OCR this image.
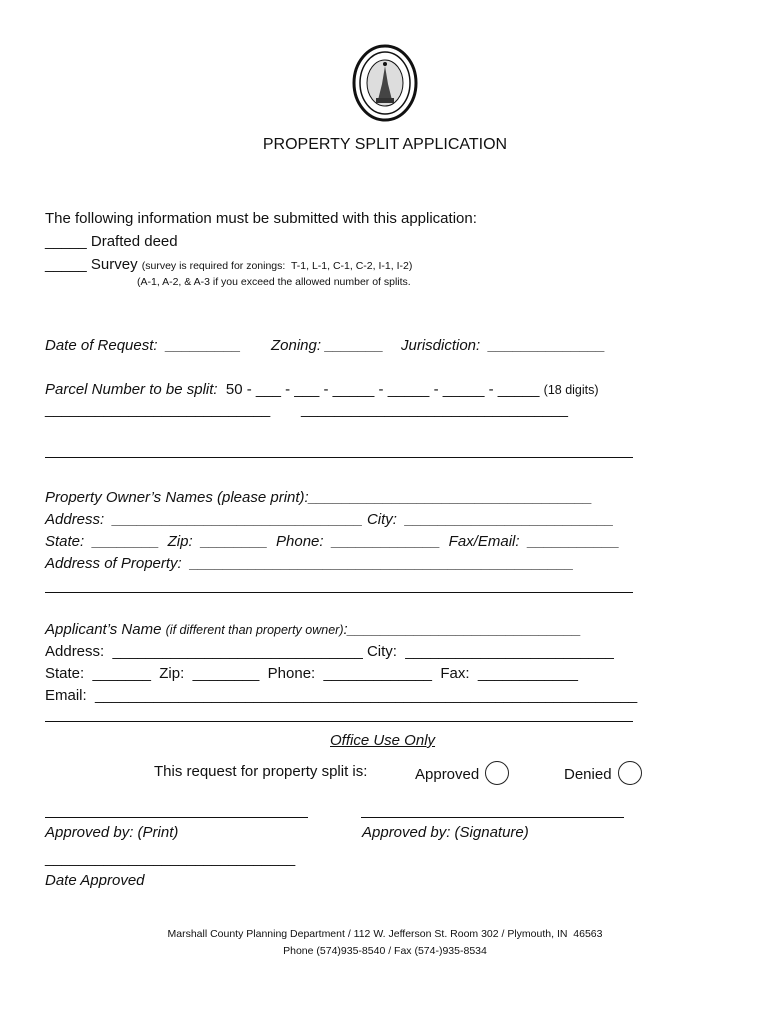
PROPERTY SPLIT APPLICATION
The following information must be submitted with this application:
_____ Drafted deed
_____ Survey (survey is required for zonings:  T-1, L-1, C-1, C-2, I-1, I-2)
(A-1, A-2, & A-3 if you exceed the allowed number of splits.
Date of Request:  _________ Zoning: _______ Jurisdiction:  ______________
Parcel Number to be split:  50 - ___ - ___ - _____ - _____ - _____ - _____ (18 digits)
___________________________ ________________________________
Property Owner’s Names (please print):__________________________________
Address:  ______________________________ City:  _________________________
State:  ________  Zip:  ________  Phone:  _____________  Fax/Email:  ___________
Address of Property:  ______________________________________________
Applicant’s Name (if different than property owner):____________________________
Address:  ______________________________ City:  _________________________
State:  _______  Zip:  ________  Phone:  _____________  Fax:  ____________
Email:  _________________________________________________________________
Office Use Only
This request for property split is:	Approved	Denied
Approved by: (Print)	Approved by: (Signature)
______________________________
Date Approved
Marshall County Planning Department / 112 W. Jefferson St. Room 302 / Plymouth, IN  46563
Phone (574)935-8540 / Fax (574-)935-8534
